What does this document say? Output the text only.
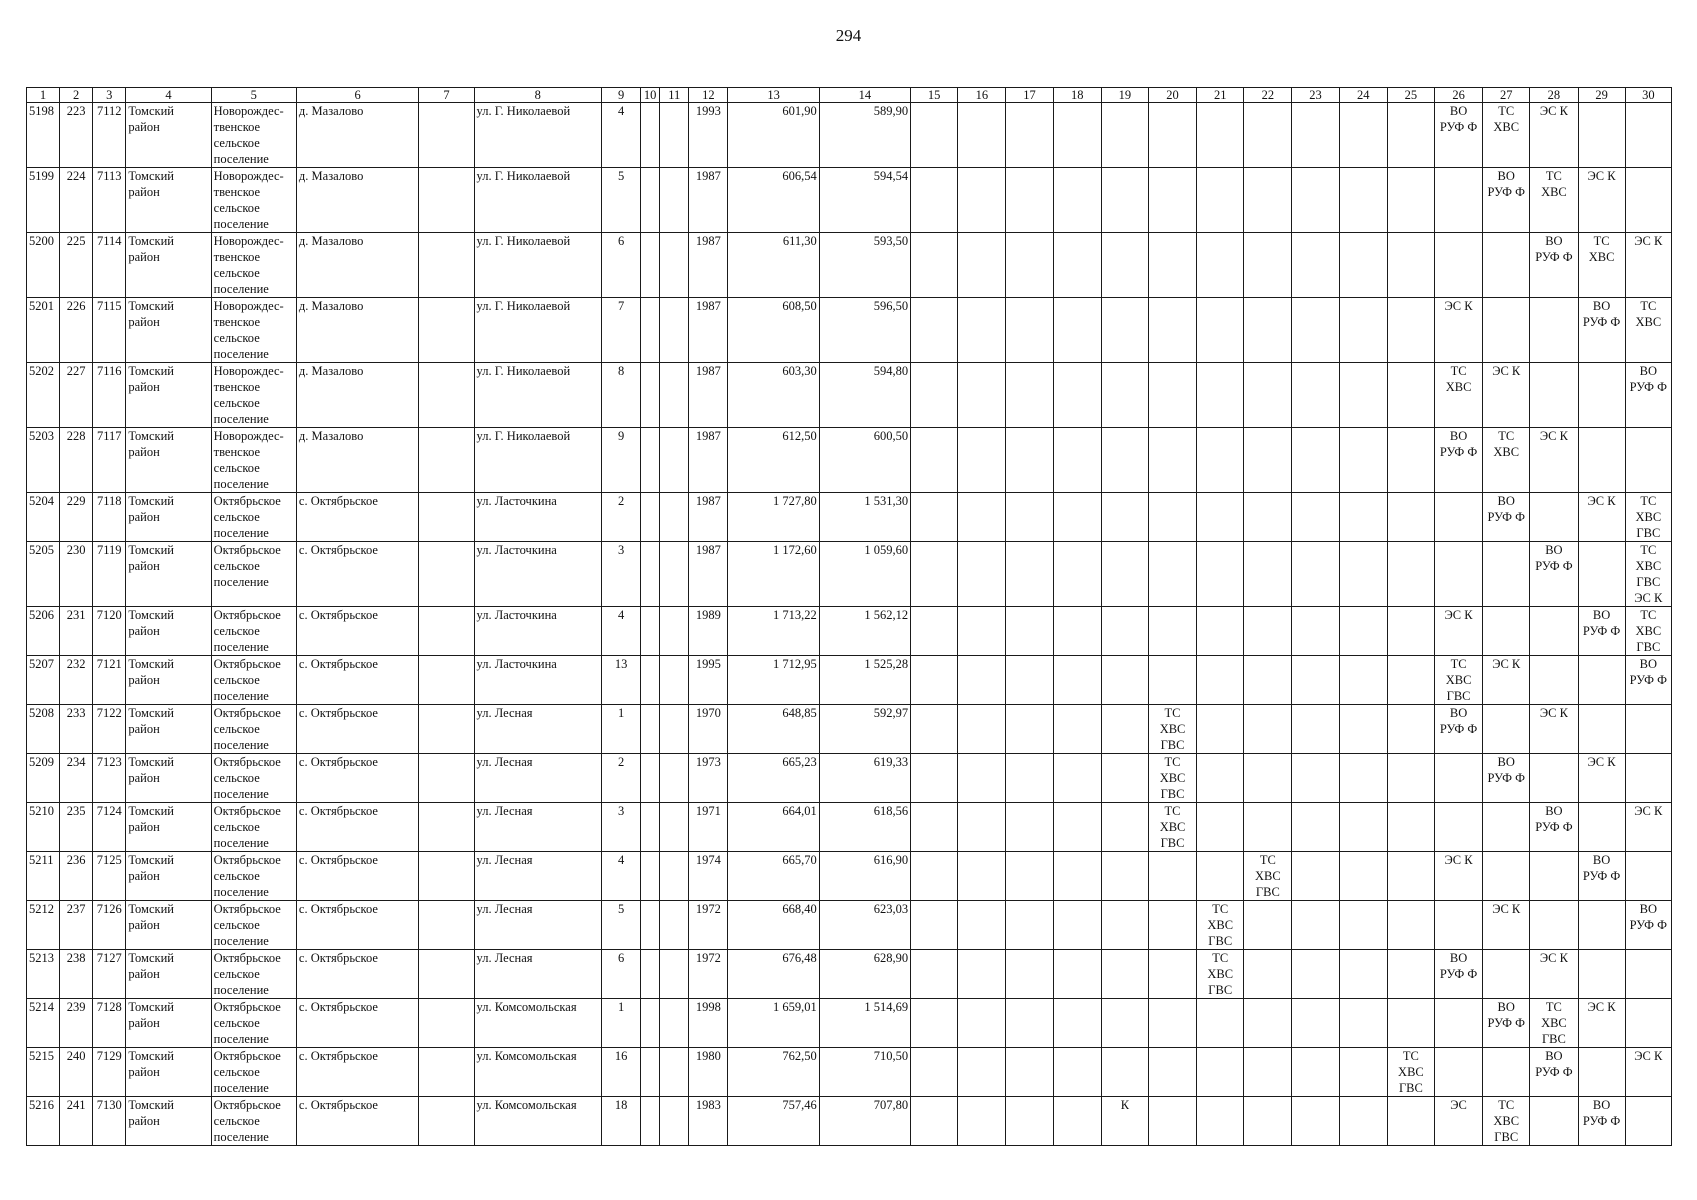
294
1	2	3	4	5	6	7	8	9	10	11	12	13	14	15	16	17	18	19	20	21	22	23	24	25	26	27	28	29	30
5198	223	7112	Томский
район	Новорождес-
твенское
сельское
поселение	д. Мазалово		ул. Г. Николаевой	4			1993	601,90	589,90												ВО
РУФ Ф	ТС
ХВС	ЭС К		
5199	224	7113	Томский
район	Новорождес-
твенское
сельское
поселение	д. Мазалово		ул. Г. Николаевой	5			1987	606,54	594,54													ВО
РУФ Ф	ТС
ХВС	ЭС К	
5200	225	7114	Томский
район	Новорождес-
твенское
сельское
поселение	д. Мазалово		ул. Г. Николаевой	6			1987	611,30	593,50														ВО
РУФ Ф	ТС
ХВС	ЭС К
5201	226	7115	Томский
район	Новорождес-
твенское
сельское
поселение	д. Мазалово		ул. Г. Николаевой	7			1987	608,50	596,50												ЭС К			ВО
РУФ Ф	ТС
ХВС
5202	227	7116	Томский
район	Новорождес-
твенское
сельское
поселение	д. Мазалово		ул. Г. Николаевой	8			1987	603,30	594,80												ТС
ХВС	ЭС К			ВО
РУФ Ф
5203	228	7117	Томский
район	Новорождес-
твенское
сельское
поселение	д. Мазалово		ул. Г. Николаевой	9			1987	612,50	600,50												ВО
РУФ Ф	ТС
ХВС	ЭС К		
5204	229	7118	Томский
район	Октябрьское
сельское
поселение	с. Октябрьское		ул. Ласточкина	2			1987	1 727,80	1 531,30													ВО
РУФ Ф		ЭС К	ТС
ХВС
ГВС
5205	230	7119	Томский
район	Октябрьское
сельское
поселение	с. Октябрьское		ул. Ласточкина	3			1987	1 172,60	1 059,60														ВО
РУФ Ф		ТС
ХВС
ГВС
ЭС К
5206	231	7120	Томский
район	Октябрьское
сельское
поселение	с. Октябрьское		ул. Ласточкина	4			1989	1 713,22	1 562,12												ЭС К			ВО
РУФ Ф	ТС
ХВС
ГВС
5207	232	7121	Томский
район	Октябрьское
сельское
поселение	с. Октябрьское		ул. Ласточкина	13			1995	1 712,95	1 525,28												ТС
ХВС
ГВС	ЭС К			ВО
РУФ Ф
5208	233	7122	Томский
район	Октябрьское
сельское
поселение	с. Октябрьское		ул. Лесная	1			1970	648,85	592,97						ТС
ХВС
ГВС						ВО
РУФ Ф		ЭС К		
5209	234	7123	Томский
район	Октябрьское
сельское
поселение	с. Октябрьское		ул. Лесная	2			1973	665,23	619,33						ТС
ХВС
ГВС							ВО
РУФ Ф		ЭС К	
5210	235	7124	Томский
район	Октябрьское
сельское
поселение	с. Октябрьское		ул. Лесная	3			1971	664,01	618,56						ТС
ХВС
ГВС								ВО
РУФ Ф		ЭС К
5211	236	7125	Томский
район	Октябрьское
сельское
поселение	с. Октябрьское		ул. Лесная	4			1974	665,70	616,90								ТС
ХВС
ГВС				ЭС К			ВО
РУФ Ф	
5212	237	7126	Томский
район	Октябрьское
сельское
поселение	с. Октябрьское		ул. Лесная	5			1972	668,40	623,03							ТС
ХВС
ГВС						ЭС К			ВО
РУФ Ф
5213	238	7127	Томский
район	Октябрьское
сельское
поселение	с. Октябрьское		ул. Лесная	6			1972	676,48	628,90							ТС
ХВС
ГВС					ВО
РУФ Ф		ЭС К		
5214	239	7128	Томский
район	Октябрьское
сельское
поселение	с. Октябрьское		ул. Комсомольская	1			1998	1 659,01	1 514,69													ВО
РУФ Ф	ТС
ХВС
ГВС	ЭС К	
5215	240	7129	Томский
район	Октябрьское
сельское
поселение	с. Октябрьское		ул. Комсомольская	16			1980	762,50	710,50											ТС
ХВС
ГВС			ВО
РУФ Ф		ЭС К
5216	241	7130	Томский
район	Октябрьское
сельское
поселение	с. Октябрьское		ул. Комсомольская	18			1983	757,46	707,80					К							ЭС	ТС
ХВС
ГВС		ВО
РУФ Ф	
